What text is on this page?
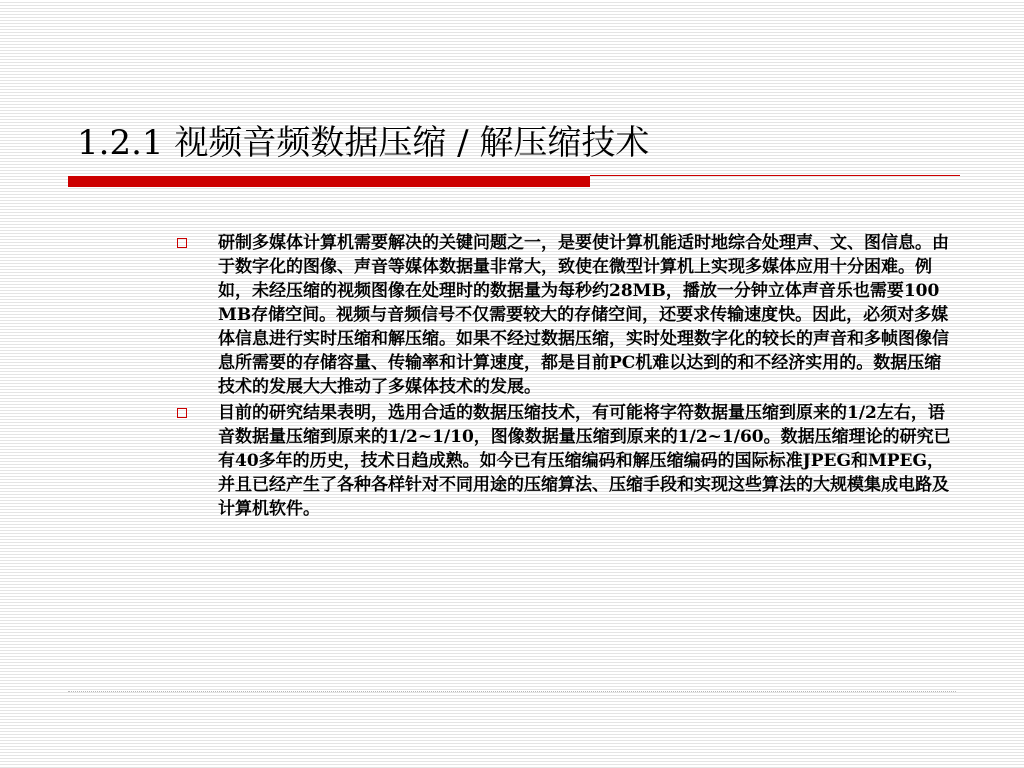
1.2.1 视频音频数据压缩 / 解压缩技术
研制多媒体计算机需要解决的关键问题之一，是要使计算机能适时地综合处理声、文、图信息。由于数字化的图像、声音等媒体数据量非常大，致使在微型计算机上实现多媒体应用十分困难。例如，未经压缩的视频图像在处理时的数据量为每秒约28MB，播放一分钟立体声音乐也需要100MB存储空间。视频与音频信号不仅需要较大的存储空间，还要求传输速度快。因此，必须对多媒体信息进行实时压缩和解压缩。如果不经过数据压缩，实时处理数字化的较长的声音和多帧图像信息所需要的存储容量、传输率和计算速度，都是目前PC机难以达到的和不经济实用的。数据压缩技术的发展大大推动了多媒体技术的发展。
目前的研究结果表明，选用合适的数据压缩技术，有可能将字符数据量压缩到原来的1/2左右，语音数据量压缩到原来的1/2~1/10，图像数据量压缩到原来的1/2~1/60。数据压缩理论的研究已有40多年的历史，技术日趋成熟。如今已有压缩编码和解压缩编码的国际标准JPEG和MPEG，并且已经产生了各种各样针对不同用途的压缩算法、压缩手段和实现这些算法的大规模集成电路及计算机软件。
